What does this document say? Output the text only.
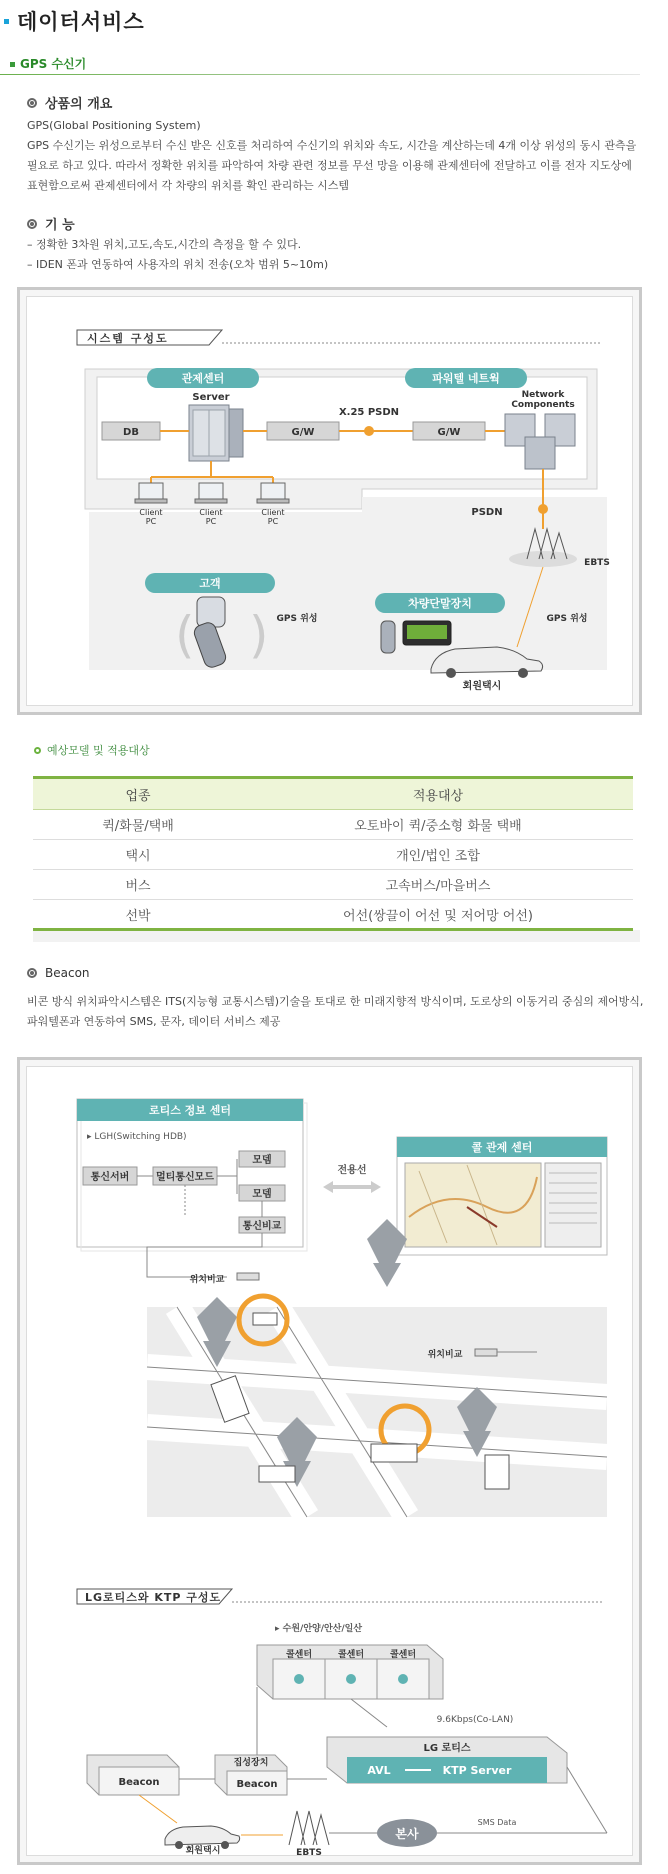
데이터서비스
GPS 수신기
상품의 개요
GPS(Global Positioning System)
GPS 수신기는 위성으로부터 수신 받은 신호를 처리하여 수신기의 위치와 속도, 시간을 계산하는데 4개 이상 위성의 동시 관측을
필요로 하고 있다. 따라서 정확한 위치를 파악하여 차량 관련 정보를 무선 망을 이용해 관제센터에 전달하고 이를 전자 지도상에
표현함으로써 관제센터에서 각 차량의 위치를 확인 관리하는 시스템
기 능
– 정확한 3차원 위치,고도,속도,시간의 측정을 할 수 있다.
– IDEN 폰과 연동하여 사용자의 위치 전송(오차 범위 5~10m)
시스템 구성도
관제센터	파워텔 네트웍
Server
DB	G/W
X.25 PSDN
G/W
Network
Components
Client
PC
Client
PC
Client
PC
PSDN
EBTS
고객
( ) GPS 위성
차량단말장치
회원택시
GPS 위성
예상모델 및 적용대상
업종	적용대상
퀵/화물/택배	오토바이 퀵/중소형 화물 택배
택시	개인/법인 조합
버스	고속버스/마을버스
선박	어선(쌍끌이 어선 및 저어망 어선)
Beacon
비콘 방식 위치파악시스템은 ITS(지능형 교통시스템)기술을 토대로 한 미래지향적 방식이며, 도로상의 이동거리 중심의 제어방식,
파워텔폰과 연동하여 SMS, 문자, 데이터 서비스 제공
로티스 정보 센터
▸ LGH(Switching HDB)
통신서버	멀티통신모드
모뎀
모뎀
통신비교
전용선
콜 관제 센터
위치비교
위치비교
LG로티스와 KTP 구성도
▸ 수원/안양/안산/일산
콜센터	콜센터	콜센터
9.6Kbps(Co-LAN)
LG 로티스
AVL	KTP Server
Beacon
집성장치
Beacon
회원택시	EBTS
본사
SMS Data
